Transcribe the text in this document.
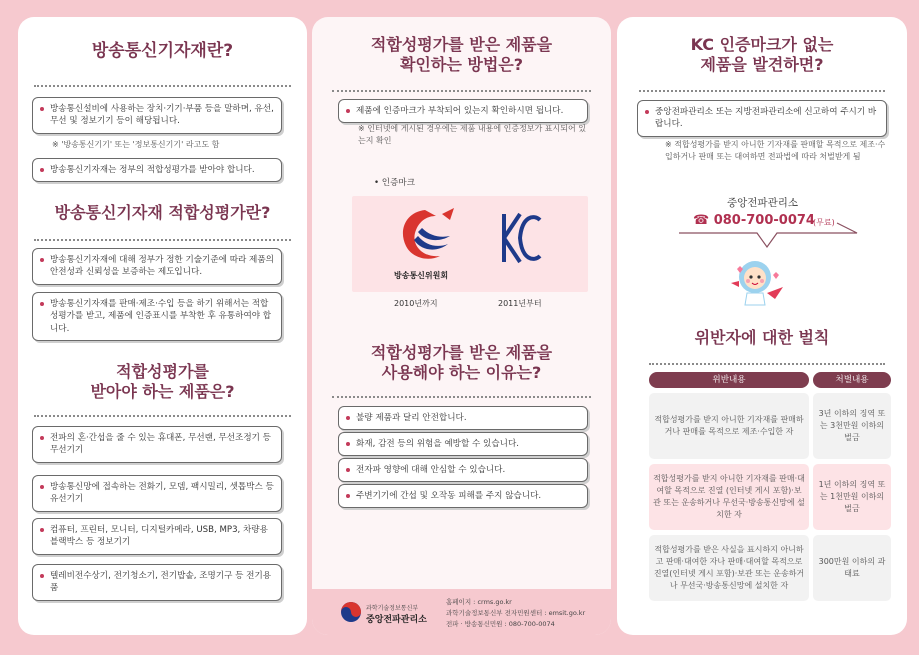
방송통신기자재란?
방송통신설비에 사용하는 장치·기기·부품 등을 말하며, 유선, 무선 및 정보기기 등이 해당됩니다.
※ '방송통신기기' 또는 '정보통신기기' 라고도 함
방송통신기자재는 정부의 적합성평가를 받아야 합니다.
방송통신기자재 적합성평가란?
방송통신기자재에 대해 정부가 정한 기술기준에 따라 제품의 안전성과 신뢰성을 보증하는 제도입니다.
방송통신기자재를 판매·제조·수입 등을 하기 위해서는 적합성평가를 받고, 제품에 인증표시를 부착한 후 유통하여야 합니다.
적합성평가를
받아야 하는 제품은?
전파의 혼·간섭을 줄 수 있는 휴대폰, 무선랜, 무선조정기 등 무선기기
방송통신망에 접속하는 전화기, 모뎀, 팩시밀리, 셋톱박스 등 유선기기
컴퓨터, 프린터, 모니터, 디지털카메라, USB, MP3, 차량용 블랙박스 등 정보기기
텔레비전수상기, 전기청소기, 전기밥솥, 조명기구 등 전기용품
적합성평가를 받은 제품을
확인하는 방법은?
제품에 인증마크가 부착되어 있는지 확인하시면 됩니다.
※ 인터넷에 게시된 경우에는 제품 내용에 인증정보가 표시되어 있는지 확인
• 인증마크
방송통신위원회
2010년까지	2011년부터
적합성평가를 받은 제품을
사용해야 하는 이유는?
불량 제품과 달리 안전합니다.
화재, 감전 등의 위험을 예방할 수 있습니다.
전자파 영향에 대해 안심할 수 있습니다.
주변기기에 간섭 및 오작동 피해를 주지 않습니다.
과학기술정보통신부
중앙전파관리소
홈페이지 : crms.go.kr
과학기술정보통신부 전자민원센터 : emsit.go.kr
전파 · 방송통신민원 : 080-700-0074
KC 인증마크가 없는
제품을 발견하면?
중앙전파관리소 또는 지방전파관리소에 신고하여 주시기 바랍니다.
※ 적합성평가를 받지 아니한 기자재를 판매할 목적으로 제조·수입하거나 판매 또는 대여하면 전파법에 따라 처벌받게 됨
중앙전파관리소
☎ 080-700-0074
(무료)
위반자에 대한 벌칙
위반내용	처벌내용
적합성평가를 받지 아니한 기자재를 판매하거나 판매를 목적으로 제조·수입한 자
3년 이하의 징역 또는 3천만원 이하의 벌금
적합성평가를 받지 아니한 기자재를 판매·대여할 목적으로 진열 (인터넷 게시 포함)·보관 또는 운송하거나 무선국·방송통신망에 설치한 자
1년 이하의 징역 또는 1천만원 이하의 벌금
적합성평가를 받은 사실을 표시하지 아니하고 판매·대여한 자나 판매·대여할 목적으로 진열(인터넷 게시 포함)·보관 또는 운송하거나 무선국·방송통신망에 설치한 자
300만원 이하의 과태료
